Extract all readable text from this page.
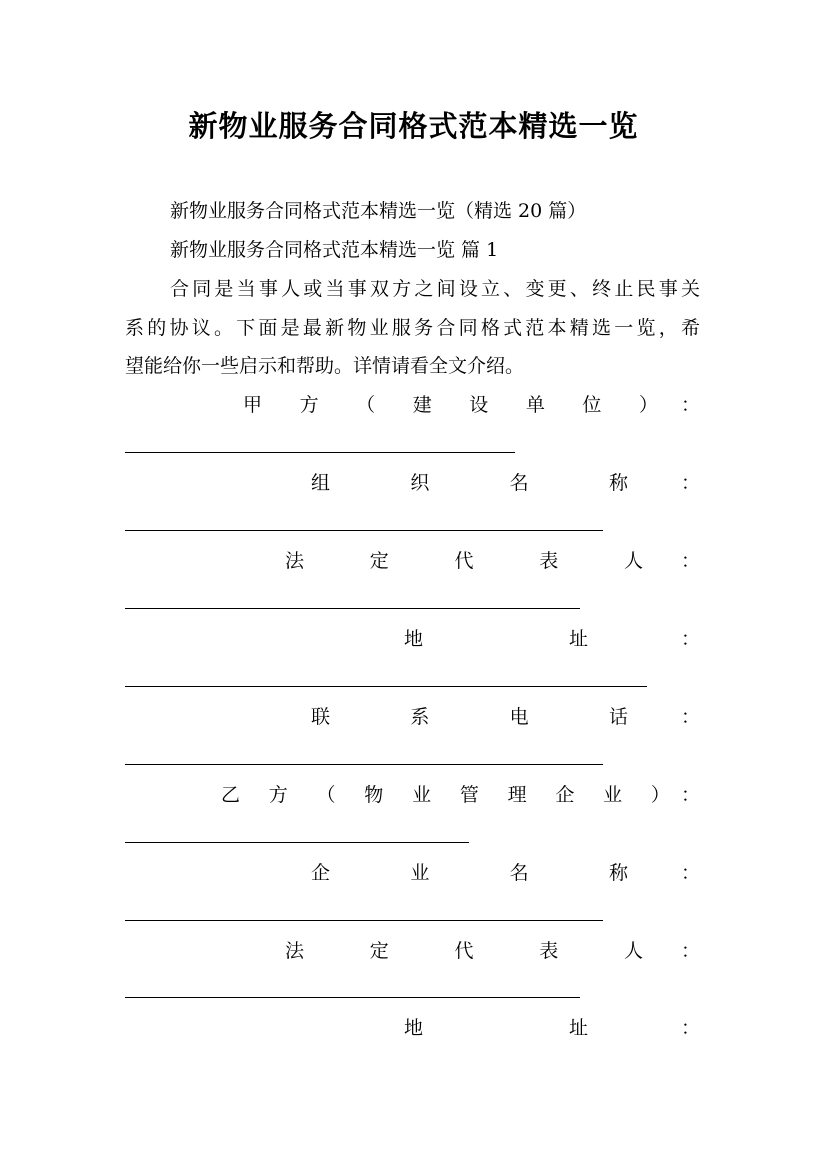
新物业服务合同格式范本精选一览
新物业服务合同格式范本精选一览（精选 20 篇）
新物业服务合同格式范本精选一览 篇 1
合同是当事人或当事双方之间设立、变更、终止民事关
系的协议。下面是最新物业服务合同格式范本精选一览，希
望能给你一些启示和帮助。详情请看全文介绍。
甲 方 （ 建 设 单 位 ） ：
组	织	名	称	：
法	定	代	表	人 ：
地	址	：
联	系	电	话	：
乙 方 （ 物 业 管 理 企 业 ） ：
企	业	名	称	：
法	定	代	表	人 ：
地	址	：
